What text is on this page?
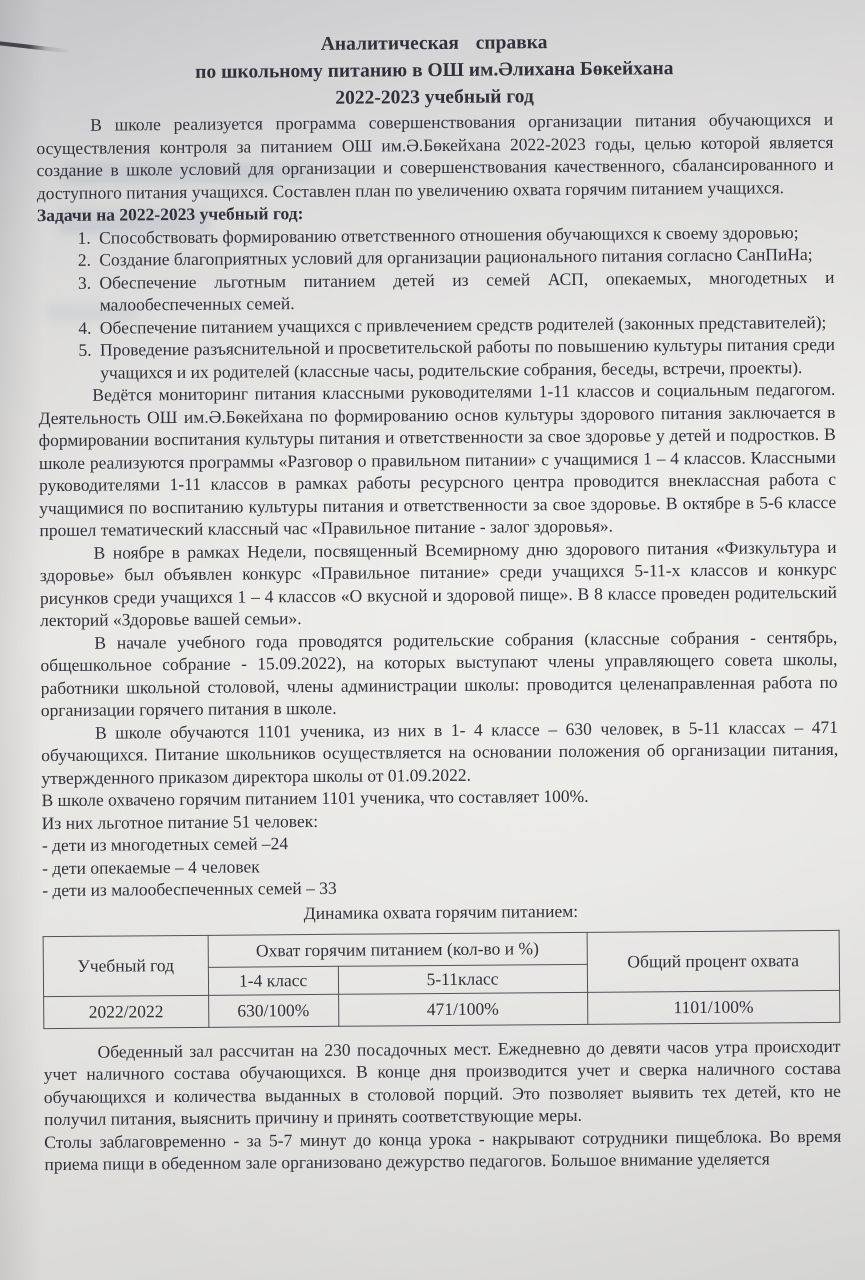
Аналитическая справка
по школьному питанию в ОШ им.Әлихана Бөкейхана
2022-2023 учебный год

В школе реализуется программа совершенствования организации питания обучающихся и осуществления контроля за питанием ОШ им.Ә.Бөкейхана 2022-2023 годы, целью которой является создание в школе условий для организации и совершенствования качественного, сбалансированного и доступного питания учащихся. Составлен план по увеличению охвата горячим питанием учащихся.

Задачи на 2022-2023 учебный год:

1. Способствовать формированию ответственного отношения обучающихся к своему здоровью;
2. Создание благоприятных условий для организации рационального питания согласно СанПиНа;
3. Обеспечение льготным питанием детей из семей АСП, опекаемых, многодетных и малообеспеченных семей.
4. Обеспечение питанием учащихся с привлечением средств родителей (законных представителей);
5. Проведение разъяснительной и просветительской работы по повышению культуры питания среди учащихся и их родителей (классные часы, родительские собрания, беседы, встречи, проекты).

Ведётся мониторинг питания классными руководителями 1-11 классов и социальным педагогом. Деятельность ОШ им.Ә.Бөкейхана по формированию основ культуры здорового питания заключается в формировании воспитания культуры питания и ответственности за свое здоровье у детей и подростков. В школе реализуются программы «Разговор о правильном питании» с учащимися 1 – 4 классов. Классными руководителями 1-11 классов в рамках работы ресурсного центра проводится внеклассная работа с учащимися по воспитанию культуры питания и ответственности за свое здоровье. В октябре в 5-6 классе прошел тематический классный час «Правильное питание - залог здоровья».

В ноябре в рамках Недели, посвященный Всемирному дню здорового питания «Физкультура и здоровье» был объявлен конкурс «Правильное питание» среди учащихся 5-11-х классов и конкурс рисунков среди учащихся 1 – 4 классов «О вкусной и здоровой пище». В 8 классе проведен родительский лекторий «Здоровье вашей семьи».

В начале учебного года проводятся родительские собрания (классные собрания - сентябрь, общешкольное собрание - 15.09.2022), на которых выступают члены управляющего совета школы, работники школьной столовой, члены администрации школы: проводится целенаправленная работа по организации горячего питания в школе.

В школе обучаются 1101 ученика, из них в 1- 4 классе – 630 человек, в 5-11 классах – 471 обучающихся. Питание школьников осуществляется на основании положения об организации питания, утвержденного приказом директора школы от 01.09.2022.

В школе охвачено горячим питанием 1101 ученика, что составляет 100%.

Из них льготное питание 51 человек:

- дети из многодетных семей –24

- дети опекаемые – 4 человек

- дети из малообеспеченных семей – 33

Динамика охвата горячим питанием:

Учебный год	Охват горячим питанием (кол-во и %)		Общий процент охвата
	1-4 класс	5-11класс	
2022/2022	630/100%	471/100%	1101/100%

Обеденный зал рассчитан на 230 посадочных мест. Ежедневно до девяти часов утра происходит учет наличного состава обучающихся. В конце дня производится учет и сверка наличного состава обучающихся и количества выданных в столовой порций. Это позволяет выявить тех детей, кто не получил питания, выяснить причину и принять соответствующие меры.

Столы заблаговременно - за 5-7 минут до конца урока - накрывают сотрудники пищеблока. Во время приема пищи в обеденном зале организовано дежурство педагогов. Большое внимание уделяется
